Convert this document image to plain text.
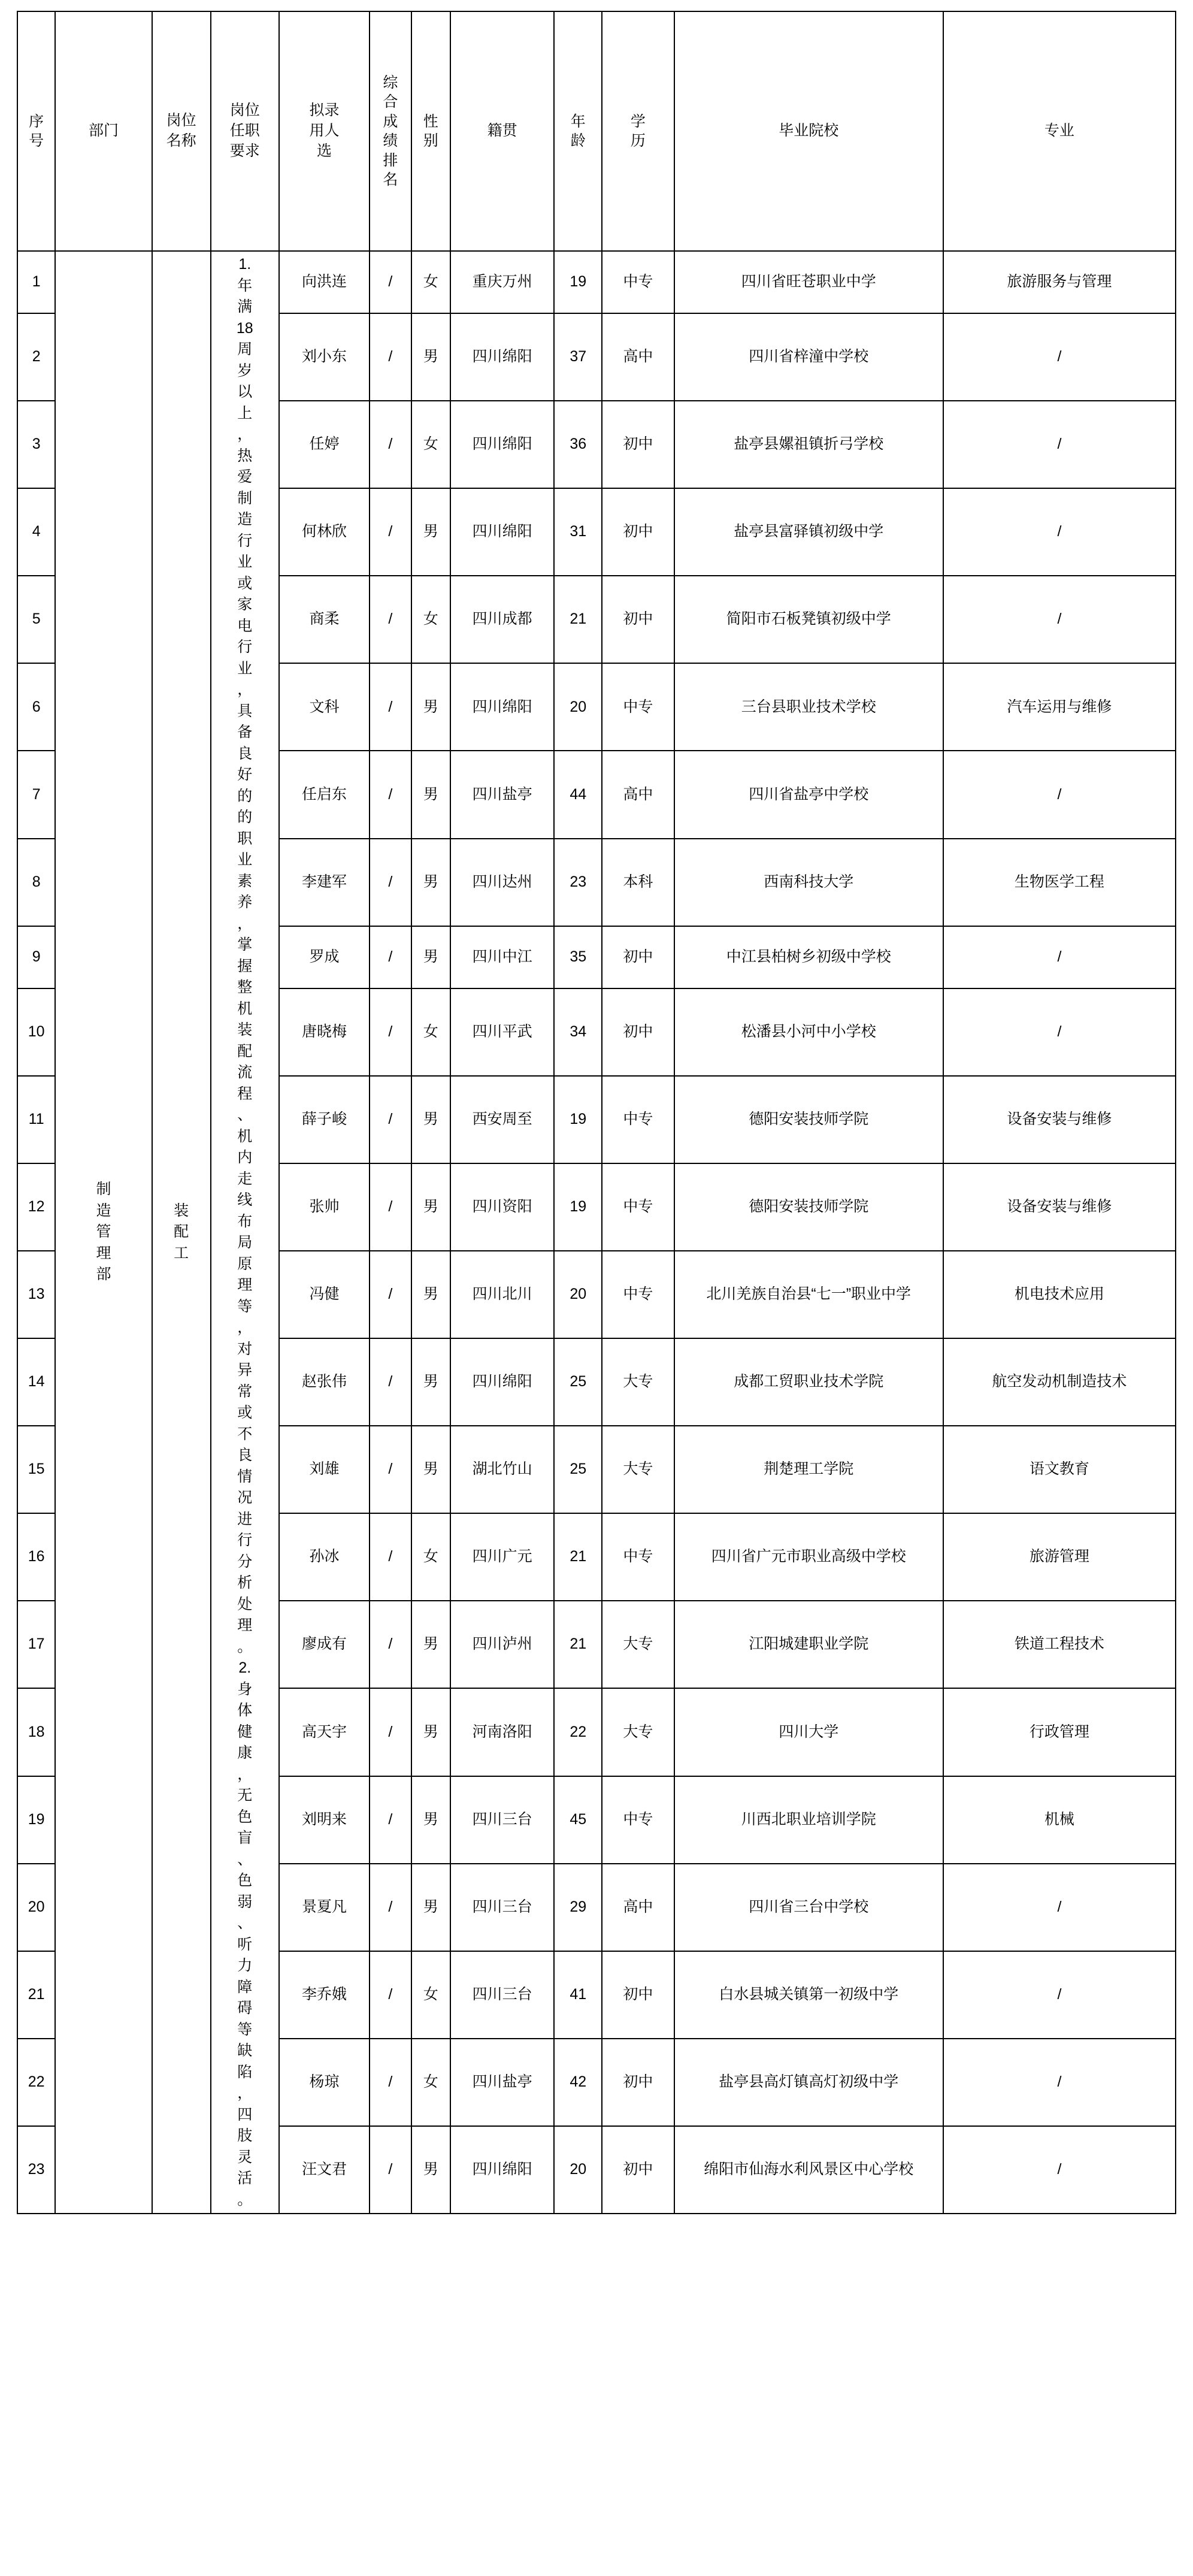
序号	部门	岗位名称	岗位任职要求	拟录用人选	综合成绩排名	性别	籍贯	年龄	学历	毕业院校	专业
1	制造管理部	装配工	1.年满18周岁以上，热爱制造行业或家电行业，具备良好的的职业素养，掌握整机装配流程、机内走线布局原理等，对异常或不良情况进行分析处理。2.身体健康，无色盲、色弱、听力障碍等缺陷，四肢灵活。	向洪连	/	女	重庆万州	19	中专	四川省旺苍职业中学	旅游服务与管理
2				刘小东	/	男	四川绵阳	37	高中	四川省梓潼中学校	/
3				任婷	/	女	四川绵阳	36	初中	盐亭县嫘祖镇折弓学校	/
4				何林欣	/	男	四川绵阳	31	初中	盐亭县富驿镇初级中学	/
5				商柔	/	女	四川成都	21	初中	简阳市石板凳镇初级中学	/
6				文科	/	男	四川绵阳	20	中专	三台县职业技术学校	汽车运用与维修
7				任启东	/	男	四川盐亭	44	高中	四川省盐亭中学校	/
8				李建军	/	男	四川达州	23	本科	西南科技大学	生物医学工程
9				罗成	/	男	四川中江	35	初中	中江县柏树乡初级中学校	/
10				唐晓梅	/	女	四川平武	34	初中	松潘县小河中小学校	/
11				薛子峻	/	男	西安周至	19	中专	德阳安装技师学院	设备安装与维修
12				张帅	/	男	四川资阳	19	中专	德阳安装技师学院	设备安装与维修
13				冯健	/	男	四川北川	20	中专	北川羌族自治县“七一”职业中学	机电技术应用
14				赵张伟	/	男	四川绵阳	25	大专	成都工贸职业技术学院	航空发动机制造技术
15				刘雄	/	男	湖北竹山	25	大专	荆楚理工学院	语文教育
16				孙冰	/	女	四川广元	21	中专	四川省广元市职业高级中学校	旅游管理
17				廖成有	/	男	四川泸州	21	大专	江阳城建职业学院	铁道工程技术
18				高天宇	/	男	河南洛阳	22	大专	四川大学	行政管理
19				刘明来	/	男	四川三台	45	中专	川西北职业培训学院	机械
20				景夏凡	/	男	四川三台	29	高中	四川省三台中学校	/
21				李乔娥	/	女	四川三台	41	初中	白水县城关镇第一初级中学	/
22				杨琼	/	女	四川盐亭	42	初中	盐亭县高灯镇高灯初级中学	/
23				汪文君	/	男	四川绵阳	20	初中	绵阳市仙海水利风景区中心学校	/
